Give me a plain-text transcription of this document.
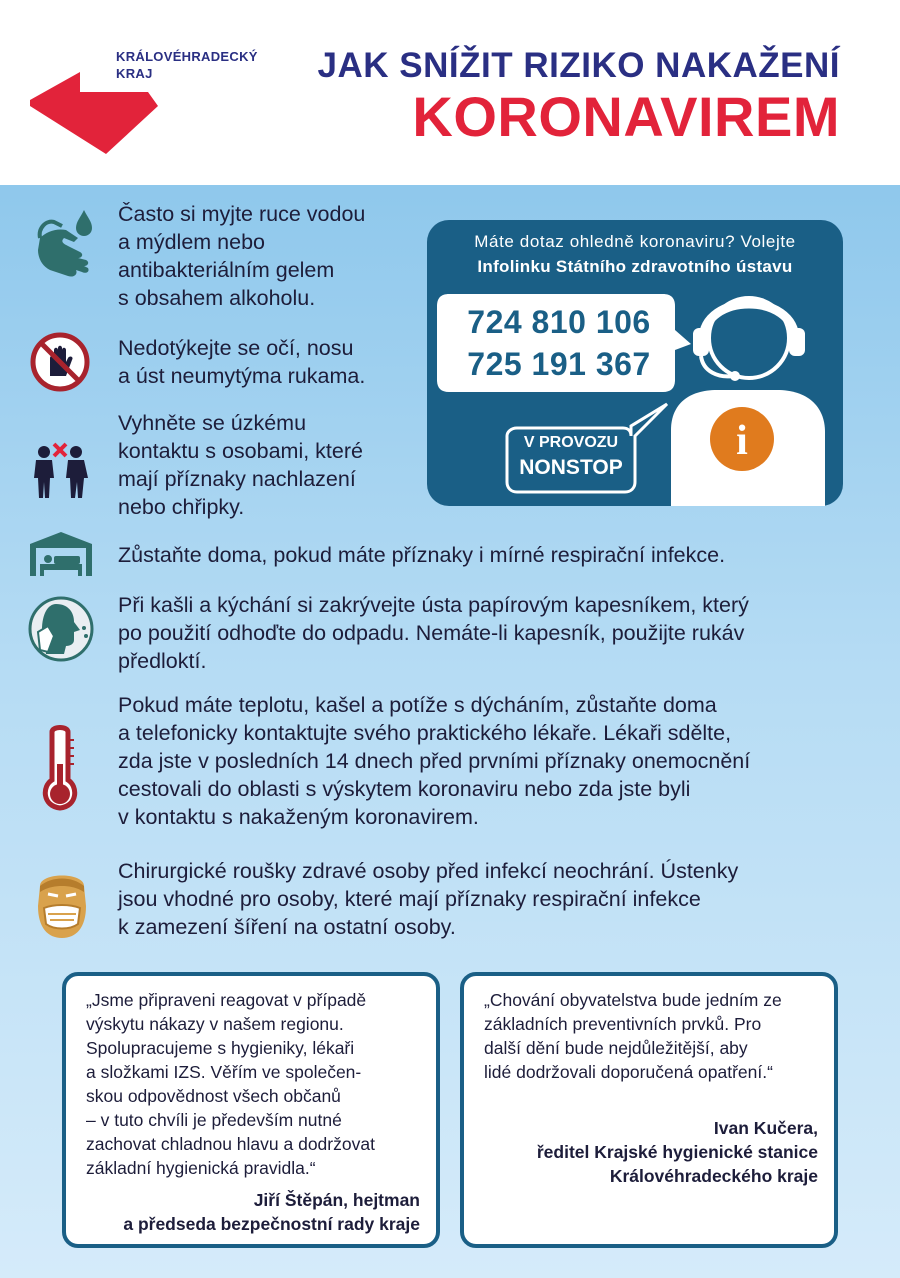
KRÁLOVÉHRADECKÝ
KRAJ	JAK SNÍŽIT RIZIKO NAKAŽENÍ
KORONAVIREM
Často si myjte ruce vodou
a mýdlem nebo
antibakteriálním gelem
s obsahem alkoholu.
Nedotýkejte se očí, nosu
a úst neumytýma rukama.
Vyhněte se úzkému
kontaktu s osobami, které
mají příznaky nachlazení
nebo chřipky.
Zůstaňte doma, pokud máte příznaky i mírné respirační infekce.
Při kašli a kýchání si zakrývejte ústa papírovým kapesníkem, který
po použití odhoďte do odpadu. Nemáte-li kapesník, použijte rukáv
předloktí.
Pokud máte teplotu, kašel a potíže s dýcháním, zůstaňte doma
a telefonicky kontaktujte svého praktického lékaře. Lékaři sdělte,
zda jste v posledních 14 dnech před prvními příznaky onemocnění
cestovali do oblasti s výskytem koronaviru nebo zda jste byli
v kontaktu s nakaženým koronavirem.
Chirurgické roušky zdravé osoby před infekcí neochrání. Ústenky
jsou vhodné pro osoby, které mají příznaky respirační infekce
k zamezení šíření na ostatní osoby.
Máte dotaz ohledně koronaviru? Volejte
Infolinku Státního zdravotního ústavu
724 810 106
725 191 367
V PROVOZU
NONSTOP
i
„Jsme připraveni reagovat v případě
výskytu nákazy v našem regionu.
Spolupracujeme s hygieniky, lékaři
a složkami IZS. Věřím ve společen-
skou odpovědnost všech občanů
– v tuto chvíli je především nutné
zachovat chladnou hlavu a dodržovat
základní hygienická pravidla.“
Jiří Štěpán, hejtman
a předseda bezpečnostní rady kraje
„Chování obyvatelstva bude jedním ze
základních preventivních prvků. Pro
další dění bude nejdůležitější, aby
lidé dodržovali doporučená opatření.“
Ivan Kučera,
ředitel Krajské hygienické stanice
Královéhradeckého kraje
